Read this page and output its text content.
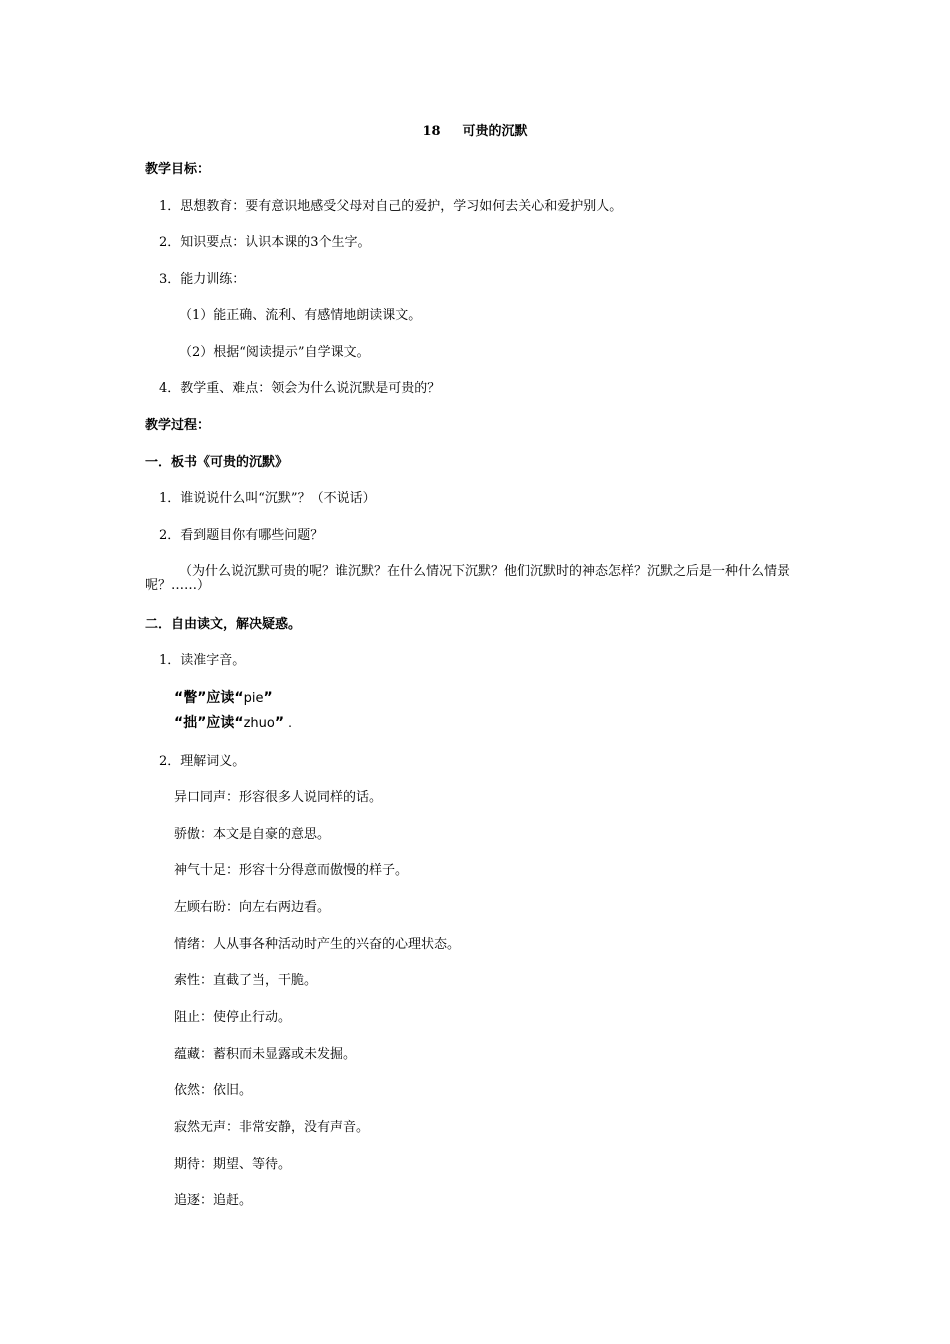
18 可贵的沉默
教学目标：
1．思想教育：要有意识地感受父母对自己的爱护，学习如何去关心和爱护别人。
2．知识要点：认识本课的3个生字。
3．能力训练：
（1）能正确、流利、有感情地朗读课文。
（2）根据“阅读提示”自学课文。
4．教学重、难点：领会为什么说沉默是可贵的？
教学过程：
一．板书《可贵的沉默》
1．谁说说什么叫“沉默”？（不说话）
2．看到题目你有哪些问题？
（为什么说沉默可贵的呢？谁沉默？在什么情况下沉默？他们沉默时的神态怎样？沉默之后是一种什么情景呢？……）
二．自由读文，解决疑惑。
1．读准字音。
“瞥”应读“pie”
“拙”应读“zhuo” .
2．理解词义。
异口同声：形容很多人说同样的话。
骄傲：本文是自豪的意思。
神气十足：形容十分得意而傲慢的样子。
左顾右盼：向左右两边看。
情绪：人从事各种活动时产生的兴奋的心理状态。
索性：直截了当，干脆。
阻止：使停止行动。
蕴藏：蓄积而未显露或未发掘。
依然：依旧。
寂然无声：非常安静，没有声音。
期待：期望、等待。
追逐：追赶。
